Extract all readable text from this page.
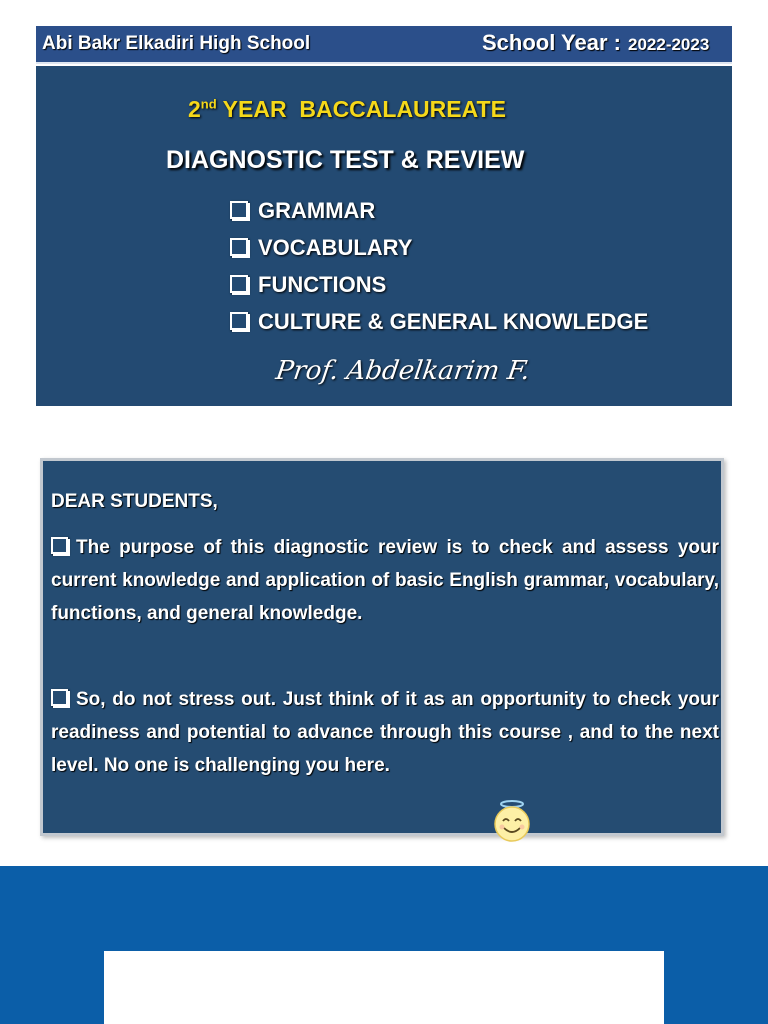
Abi Bakr Elkadiri High School	School Year : 2022-2023
2nd YEAR  BACCALAUREATE
DIAGNOSTIC TEST & REVIEW
GRAMMAR
VOCABULARY
FUNCTIONS
CULTURE & GENERAL KNOWLEDGE
Prof. Abdelkarim F.
DEAR STUDENTS,

The purpose of this diagnostic review is to check and assess your current knowledge and application of basic English grammar, vocabulary, functions, and general knowledge.

So, do not stress out. Just think of it as an opportunity to check your readiness and potential to advance through this course , and to the next level. No one is challenging you here.
